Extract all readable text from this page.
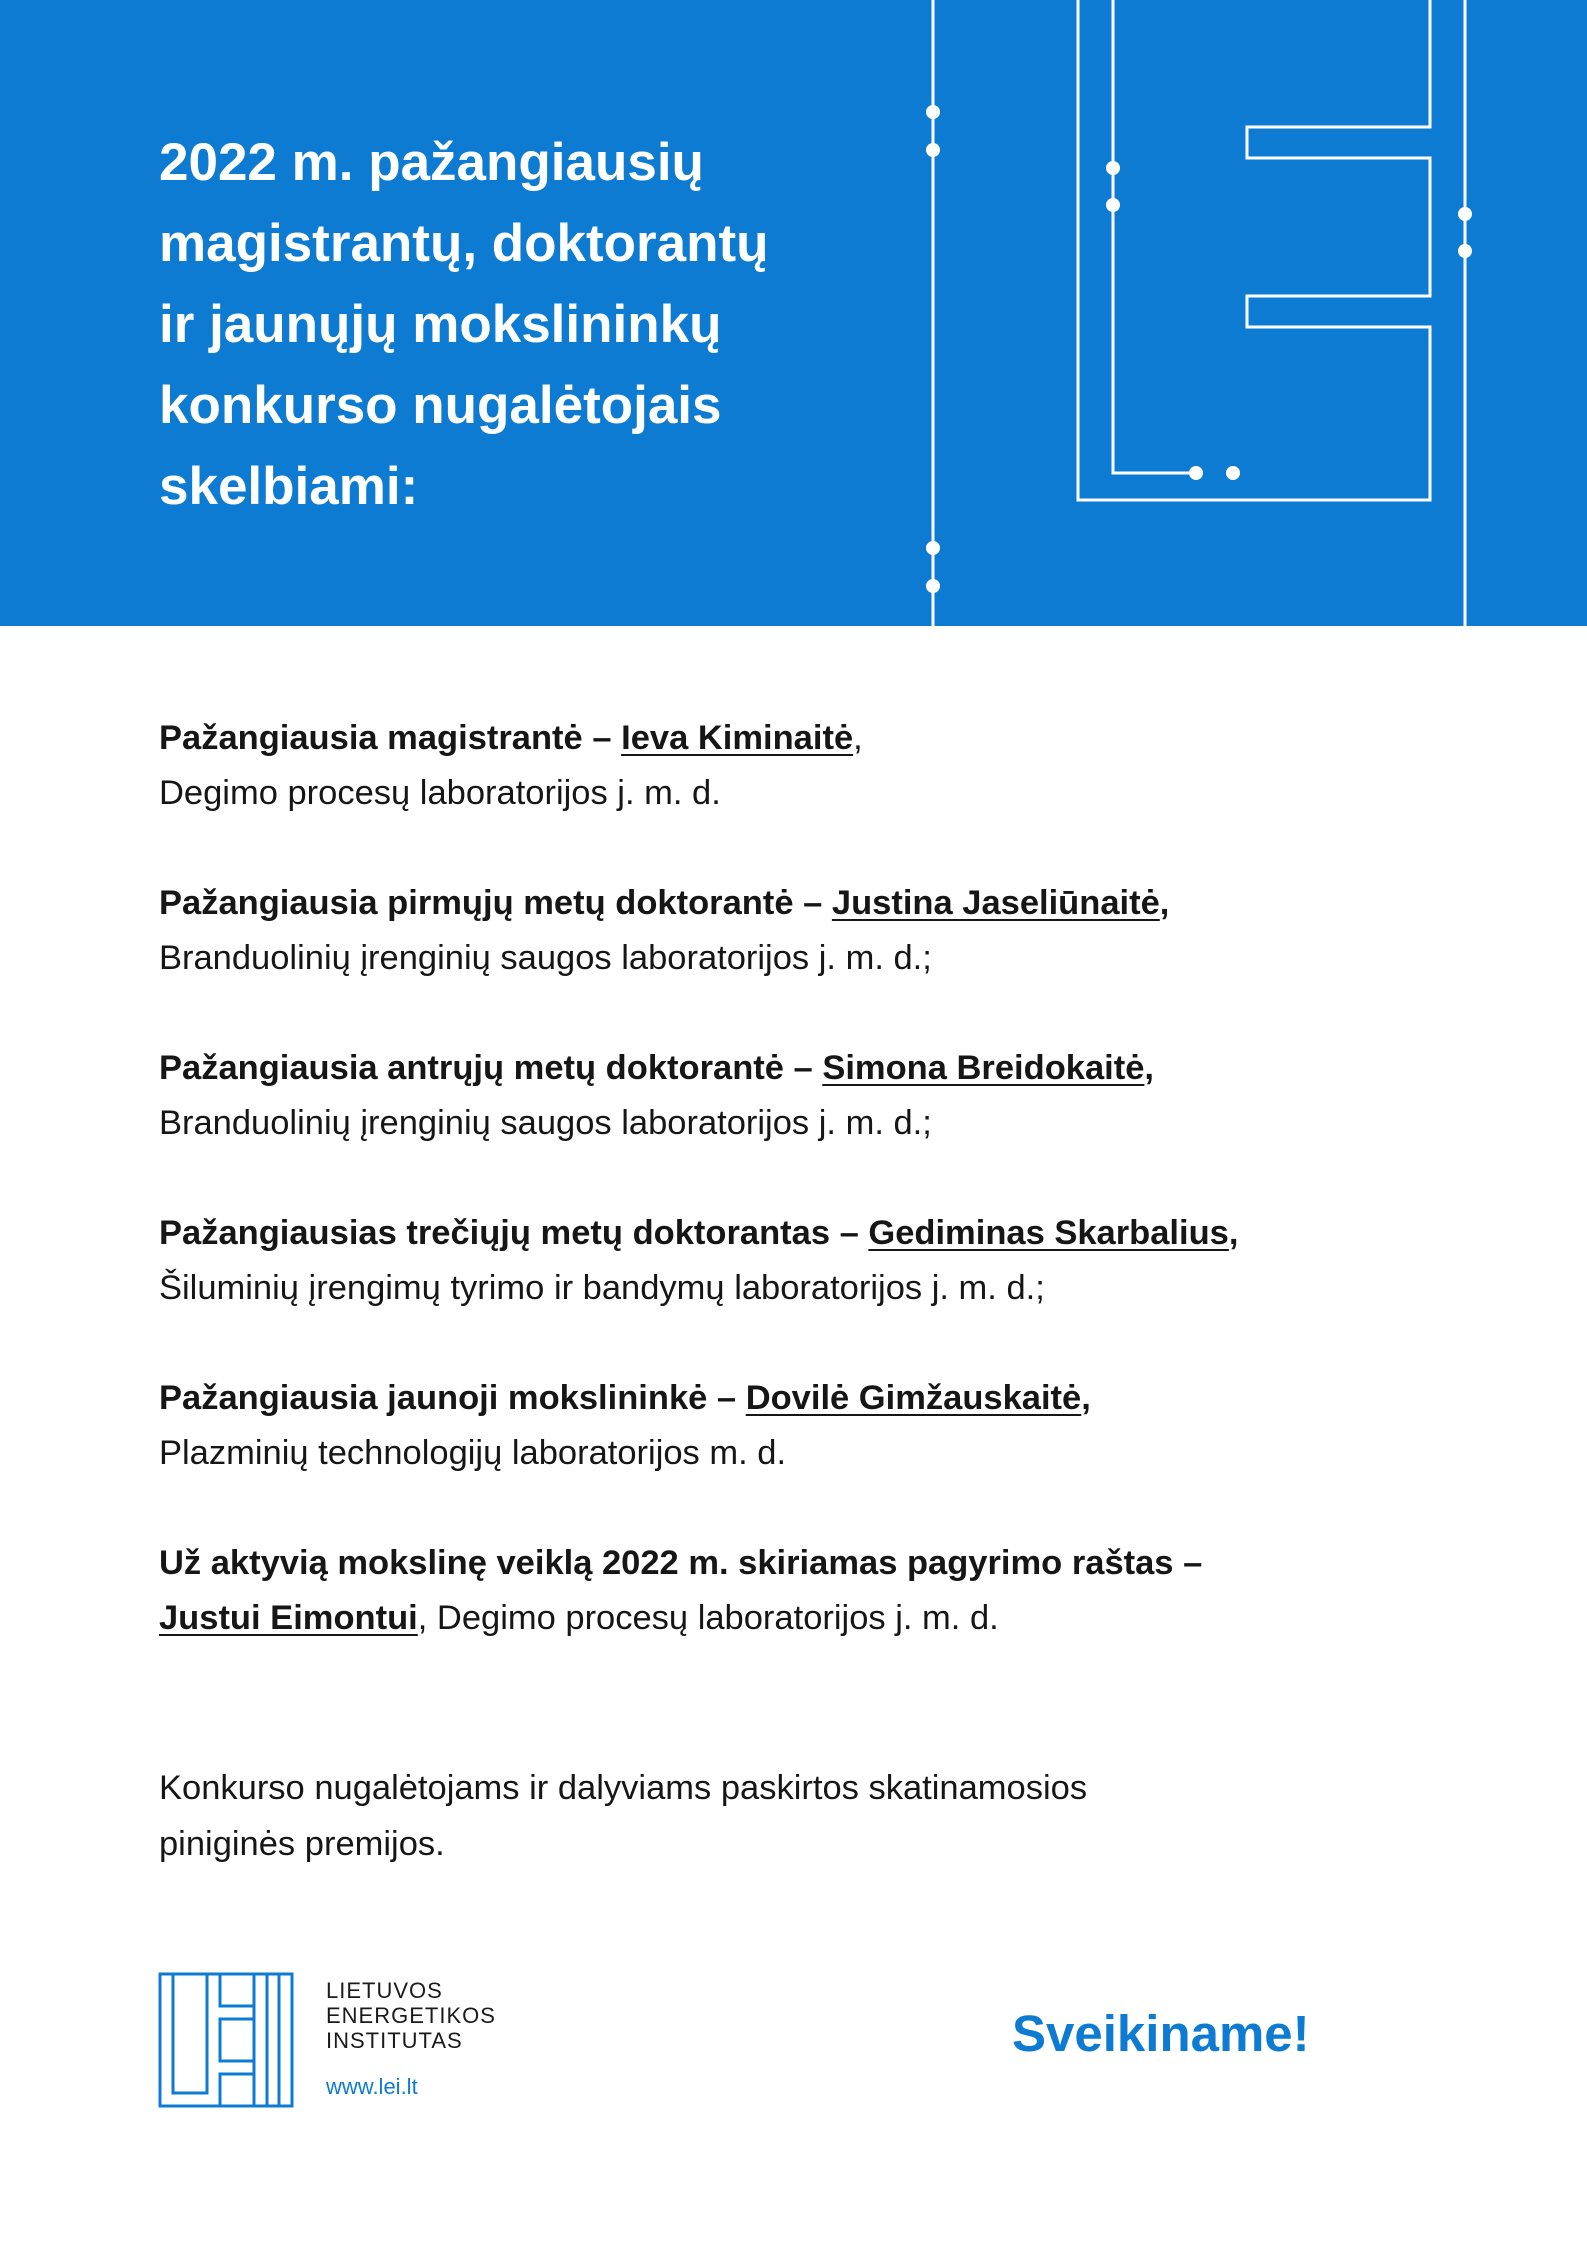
2022 m. pažangiausių
magistrantų, doktorantų
ir jaunųjų mokslininkų
konkurso nugalėtojais
skelbiami:
Pažangiausia magistrantė – Ieva Kiminaitė,
Degimo procesų laboratorijos j. m. d.
Pažangiausia pirmųjų metų doktorantė – Justina Jaseliūnaitė,
Branduolinių įrenginių saugos laboratorijos j. m. d.;
Pažangiausia antrųjų metų doktorantė – Simona Breidokaitė,
Branduolinių įrenginių saugos laboratorijos j. m. d.;
Pažangiausias trečiųjų metų doktorantas – Gediminas Skarbalius,
Šiluminių įrengimų tyrimo ir bandymų laboratorijos j. m. d.;
Pažangiausia jaunoji mokslininkė – Dovilė Gimžauskaitė,
Plazminių technologijų laboratorijos m. d.
Už aktyvią mokslinę veiklą 2022 m. skiriamas pagyrimo raštas –
Justui Eimontui, Degimo procesų laboratorijos j. m. d.
Konkurso nugalėtojams ir dalyviams paskirtos skatinamosios
piniginės premijos.
LIETUVOS
ENERGETIKOS
INSTITUTAS
www.lei.lt
Sveikiname!
